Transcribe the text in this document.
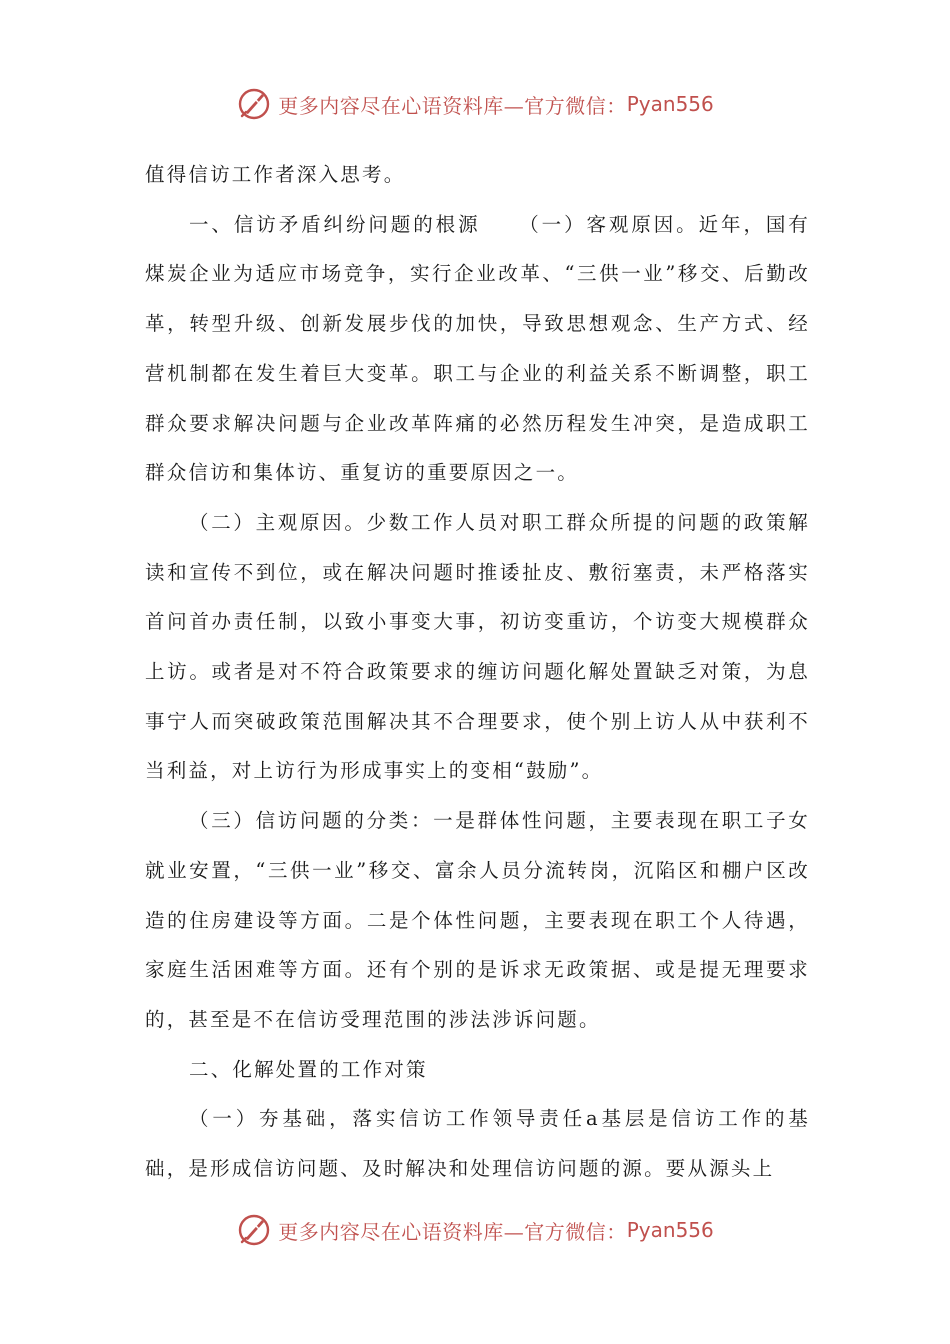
更多内容尽在心语资料库—官方微信： Pyan556

值得信访工作者深入思考。

一、信访矛盾纠纷问题的根源 （一）客观原因。近年，国有煤炭企业为适应市场竞争，实行企业改革、“三供一业”移交、后勤改革，转型升级、创新发展步伐的加快，导致思想观念、生产方式、经营机制都在发生着巨大变革。职工与企业的利益关系不断调整，职工群众要求解决问题与企业改革阵痛的必然历程发生冲突，是造成职工群众信访和集体访、重复访的重要原因之一。

（二）主观原因。少数工作人员对职工群众所提的问题的政策解读和宣传不到位，或在解决问题时推诿扯皮、敷衍塞责，未严格落实首问首办责任制，以致小事变大事，初访变重访，个访变大规模群众上访。或者是对不符合政策要求的缠访问题化解处置缺乏对策，为息事宁人而突破政策范围解决其不合理要求，使个别上访人从中获利不当利益，对上访行为形成事实上的变相“鼓励”。

（三）信访问题的分类：一是群体性问题，主要表现在职工子女就业安置，“三供一业”移交、富余人员分流转岗，沉陷区和棚户区改造的住房建设等方面。二是个体性问题，主要表现在职工个人待遇，家庭生活困难等方面。还有个别的是诉求无政策据、或是提无理要求的，甚至是不在信访受理范围的涉法涉诉问题。

二、化解处置的工作对策

（一）夯基础，落实信访工作领导责任a基层是信访工作的基础，是形成信访问题、及时解决和处理信访问题的源。要从源头上

更多内容尽在心语资料库—官方微信： Pyan556
